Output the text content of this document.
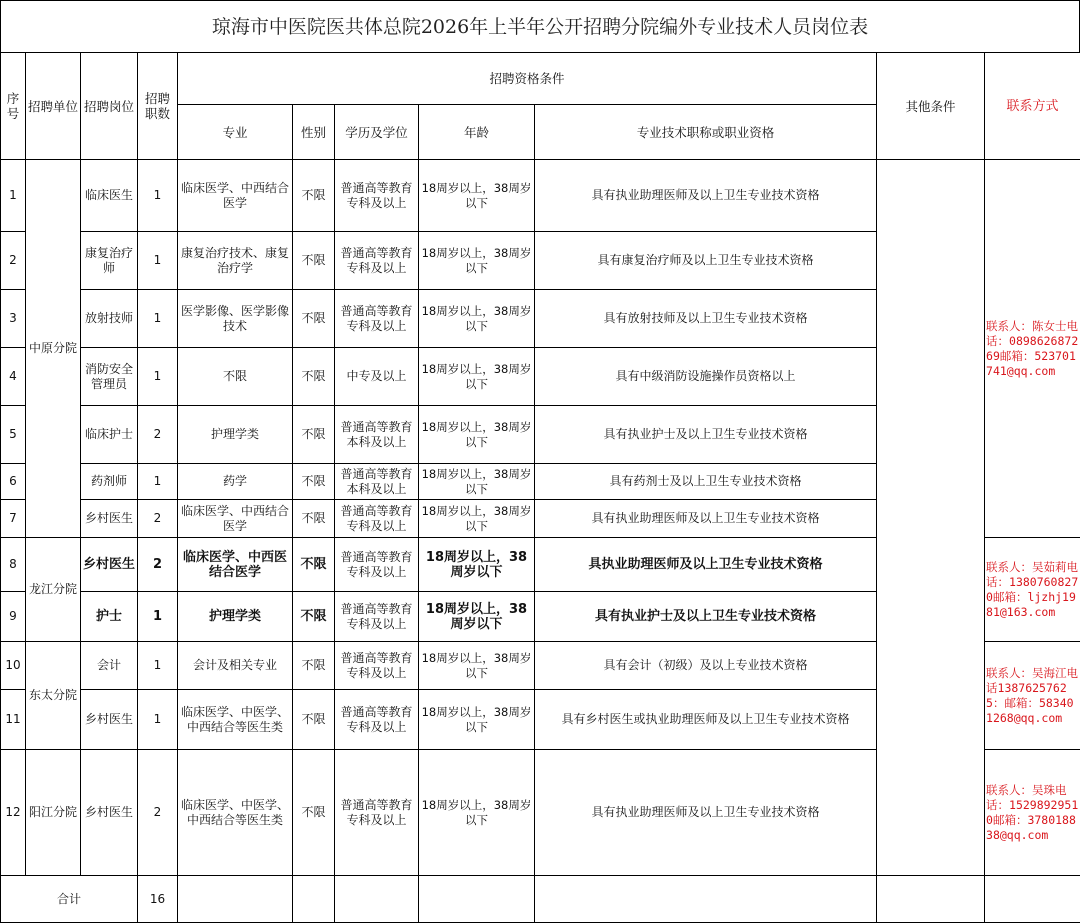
琼海市中医院医共体总院2026年上半年公开招聘分院编外专业技术人员岗位表
序号	招聘单位	招聘岗位	招聘职数	招聘资格条件					其他条件	联系方式
				专业	性别	学历及学位	年龄	专业技术职称或职业资格		
1	中原分院	临床医生	1	临床医学、中西结合医学	不限	普通高等教育专科及以上	18周岁以上，38周岁以下	具有执业助理医师及以上卫生专业技术资格		联系人：陈女士电话：089862687269邮箱：523701741@qq.com
2		康复治疗师	1	康复治疗技术、康复治疗学	不限	普通高等教育专科及以上	18周岁以上，38周岁以下	具有康复治疗师及以上卫生专业技术资格		
3		放射技师	1	医学影像、医学影像技术	不限	普通高等教育专科及以上	18周岁以上，38周岁以下	具有放射技师及以上卫生专业技术资格		
4		消防安全管理员	1	不限	不限	中专及以上	18周岁以上，38周岁以下	具有中级消防设施操作员资格以上		
5		临床护士	2	护理学类	不限	普通高等教育本科及以上	18周岁以上，38周岁以下	具有执业护士及以上卫生专业技术资格		
6		药剂师	1	药学	不限	普通高等教育本科及以上	18周岁以上，38周岁以下	具有药剂士及以上卫生专业技术资格		
7		乡村医生	2	临床医学、中西结合医学	不限	普通高等教育专科及以上	18周岁以上，38周岁以下	具有执业助理医师及以上卫生专业技术资格		
8	龙江分院	乡村医生	2	临床医学、中西医结合医学	不限	普通高等教育专科及以上	18周岁以上，38周岁以下	具执业助理医师及以上卫生专业技术资格		联系人：吴茹莉电话：13807608270邮箱：ljzhj1981@163.com
9		护士	1	护理学类	不限	普通高等教育专科及以上	18周岁以上，38周岁以下	具有执业护士及以上卫生专业技术资格		
10	东太分院	会计	1	会计及相关专业	不限	普通高等教育专科及以上	18周岁以上，38周岁以下	具有会计（初级）及以上专业技术资格		联系人：吴海江电话13876257625：邮箱：583401268@qq.com
11		乡村医生	1	临床医学、中医学、中西结合等医生类	不限	普通高等教育专科及以上	18周岁以上，38周岁以下	具有乡村医生或执业助理医师及以上卫生专业技术资格		
12	阳江分院	乡村医生	2	临床医学、中医学、中西结合等医生类	不限	普通高等教育专科及以上	18周岁以上，38周岁以下	具有执业助理医师及以上卫生专业技术资格		联系人：吴珠电话：15298929510邮箱：378018838@qq.com
合计			16							
